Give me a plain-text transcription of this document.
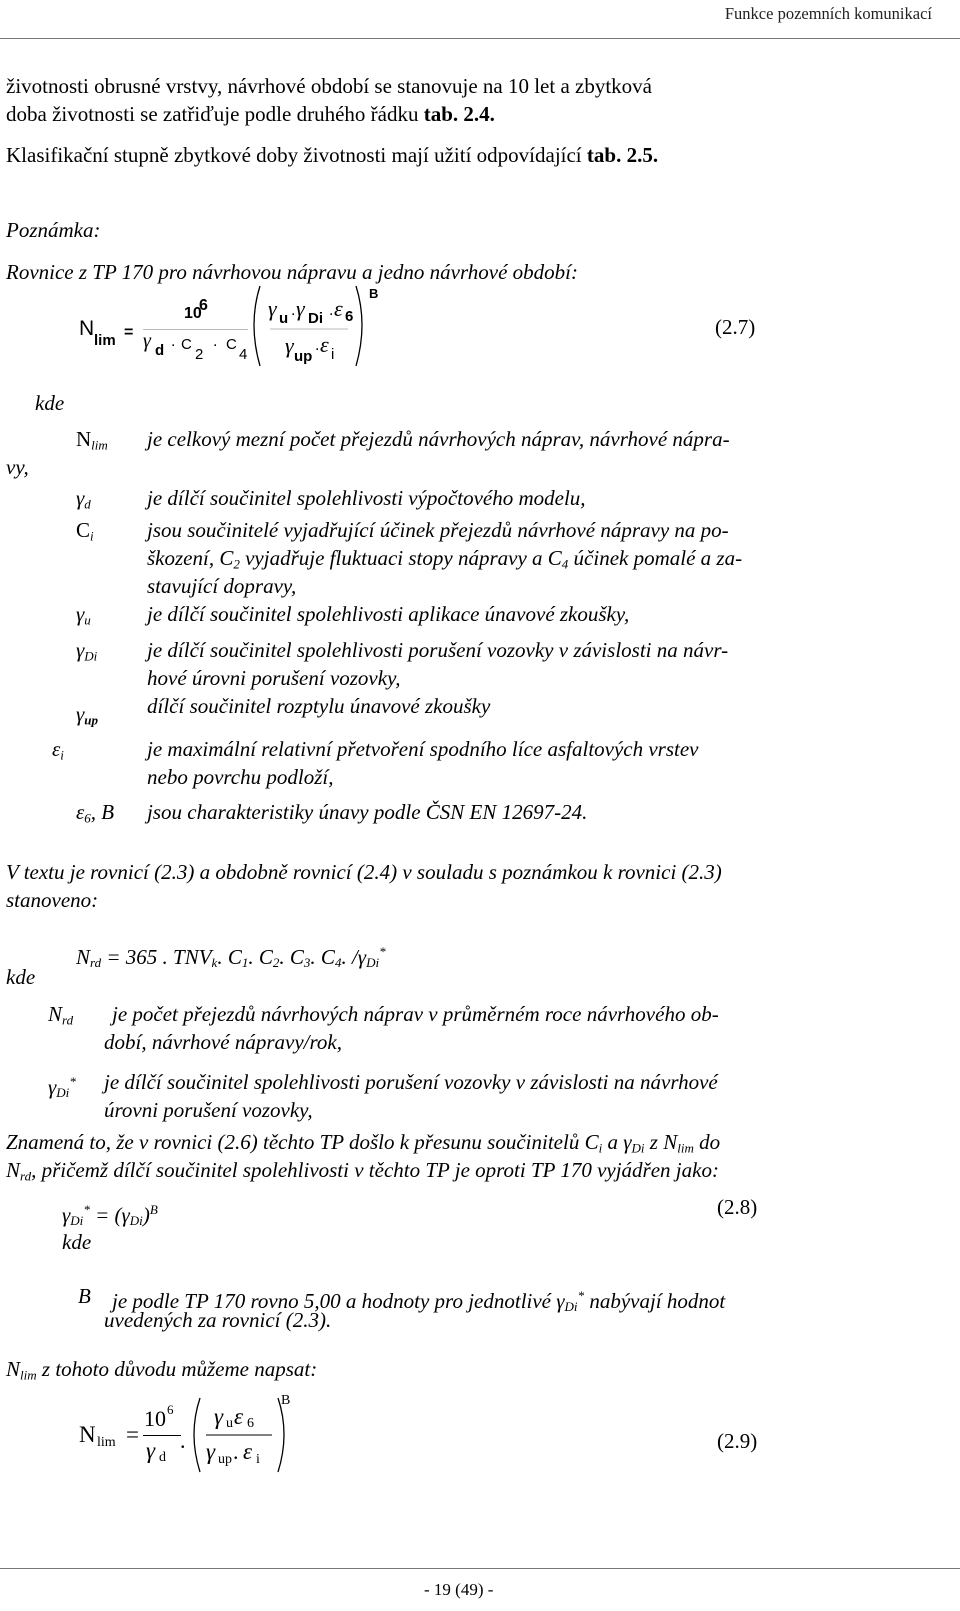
Funkce pozemních komunikací
životnosti obrusné vrstvy, návrhové období se stanovuje na 10 let a zbytková
doba životnosti se zatřiďuje podle druhého řádku tab. 2.4.
Klasifikační stupně zbytkové doby životnosti mají užití odpovídající tab. 2.5.
Poznámka:
Rovnice z TP 170 pro návrhovou nápravu a jedno návrhové období:
N
lim =
10
6
γ d
. C
2
. C
4
γ u . γ Di . ε 6
γ up
. ε i
B
(2.7)
kde
vy,
$N_{lim}$ je celkový mezní počet přejezdů návrhových náprav, návrhové nápra-
$\gamma_d$	je dílčí součinitel spolehlivosti výpočtového modelu,
$C_i$	jsou součinitelé vyjadřující účinek přejezdů návrhové nápravy na po-
škození, $C_2$ vyjadřuje fluktuaci stopy nápravy a $C_4$ účinek pomalé a za-
stavující dopravy,
$\gamma_u$	je dílčí součinitel spolehlivosti aplikace únavové zkoušky,
$\gamma_{Di}$ je dílčí součinitel spolehlivosti porušení vozovky v závislosti na návr-
hové úrovni porušení vozovky,
$\gamma_{up}$
dílčí součinitel rozptylu únavové zkoušky
$\varepsilon_i$	je maximální relativní přetvoření spodního líce asfaltových vrstev
nebo povrchu podloží,
$\varepsilon_6$, B jsou charakteristiky únavy podle ČSN EN 12697-24.
V textu je rovnicí (2.3) a obdobně rovnicí (2.4) v souladu s poznámkou k rovnici (2.3)
stanoveno:
$N_{rd} = 365$ . $TNV_k$. $C_1$. $C_2$. $C_3$. $C_4$. $/\gamma_{Di}^*$
kde
$N_{rd}$ je počet přejezdů návrhových náprav v průměrném roce návrhového ob-
dobí, návrhové nápravy/rok,
$\gamma_{Di}^*$ je dílčí součinitel spolehlivosti porušení vozovky v závislosti na návrhové
úrovni porušení vozovky,
Znamená to, že v rovnici (2.6) těchto TP došlo k přesunu součinitelů $C_i$ a $\gamma_{Di}$ z $N_{lim}$ do
$N_{rd}$, přičemž dílčí součinitel spolehlivosti v těchto TP je oproti TP 170 vyjádřen jako:
$\gamma_{Di}^* = (\gamma_{Di})^B$	(2.8)
kde
B je podle TP 170 rovno 5,00 a hodnoty pro jednotlivé $\gamma_{Di}^*$ nabývají hodnot
uvedených za rovnicí (2.3).
$N_{lim}$ z tohoto důvodu můžeme napsat:
N lim =
10 6
γ d
.
γ u ε 6
γ up . ε i
B
(2.9)
- 19 (49) -
